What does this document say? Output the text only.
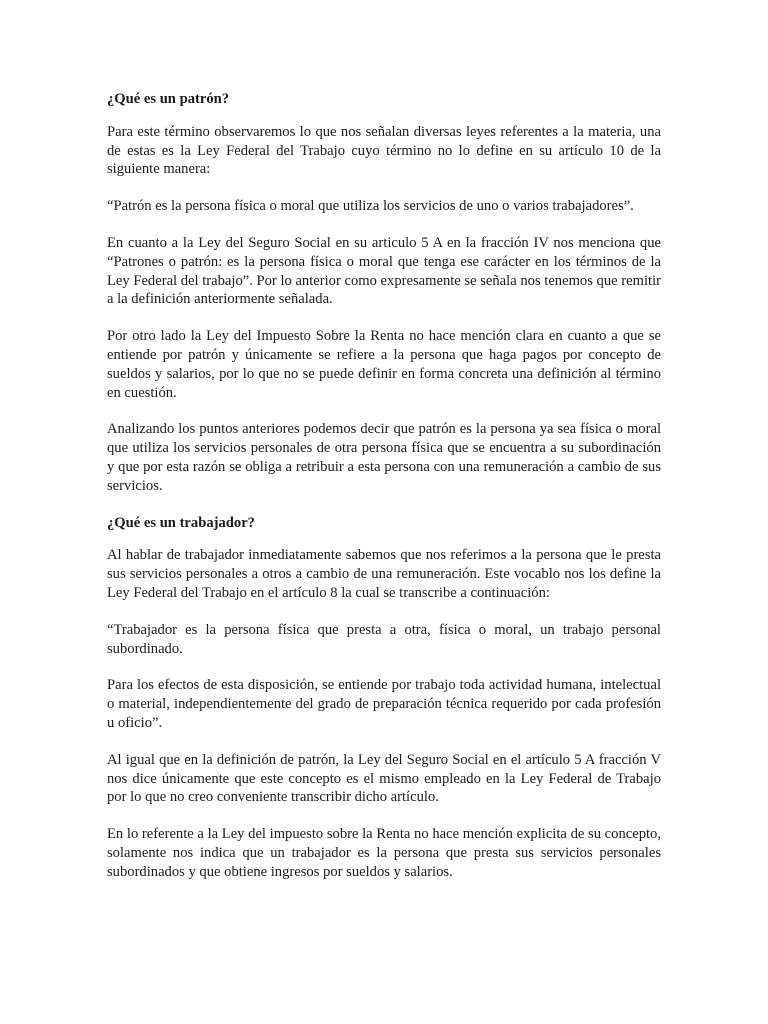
¿Qué es un patrón?

Para este término observaremos lo que nos señalan diversas leyes referentes a la materia, una de estas es la Ley Federal del Trabajo cuyo término no lo define en su artículo 10 de la siguiente manera:

“Patrón es la persona física o moral que utiliza los servicios de uno o varios trabajadores”.

En cuanto a la Ley del Seguro Social en su articulo 5 A en la fracción IV nos menciona que “Patrones o patrón: es la persona física o moral que tenga ese carácter en los términos de la Ley Federal del trabajo”. Por lo anterior como expresamente se señala nos tenemos que remitir a la definición anteriormente señalada.

Por otro lado la Ley del Impuesto Sobre la Renta no hace mención clara en cuanto a que se entiende por patrón y únicamente se refiere a la persona que haga pagos por concepto de sueldos y salarios, por lo que no se puede definir en forma concreta una definición al término en cuestión.

Analizando los puntos anteriores podemos decir que patrón es la persona ya sea física o moral que utiliza los servicios personales de otra persona física que se encuentra a su subordinación y que por esta razón se obliga a retribuir a esta persona con una remuneración a cambio de sus servicios.

¿Qué es un trabajador?

Al hablar de trabajador inmediatamente sabemos que nos referimos a la persona que le presta sus servicios personales a otros a cambio de una remuneración. Este vocablo nos los define la Ley Federal del Trabajo en el artículo 8 la cual se transcribe a continuación:

“Trabajador es la persona física que presta a otra, física o moral, un trabajo personal subordinado.

Para los efectos de esta disposición, se entiende por trabajo toda actividad humana, intelectual o material, independientemente del grado de preparación técnica requerido por cada profesión u oficio”.

Al igual que en la definición de patrón, la Ley del Seguro Social en el artículo 5 A fracción V nos dice únicamente que este concepto es el mismo empleado en la Ley Federal de Trabajo por lo que no creo conveniente transcribir dicho artículo.

En lo referente a la Ley del impuesto sobre la Renta no hace mención explicita de su concepto, solamente nos indica que un trabajador es la persona que presta sus servicios personales subordinados y que obtiene ingresos por sueldos y salarios.
